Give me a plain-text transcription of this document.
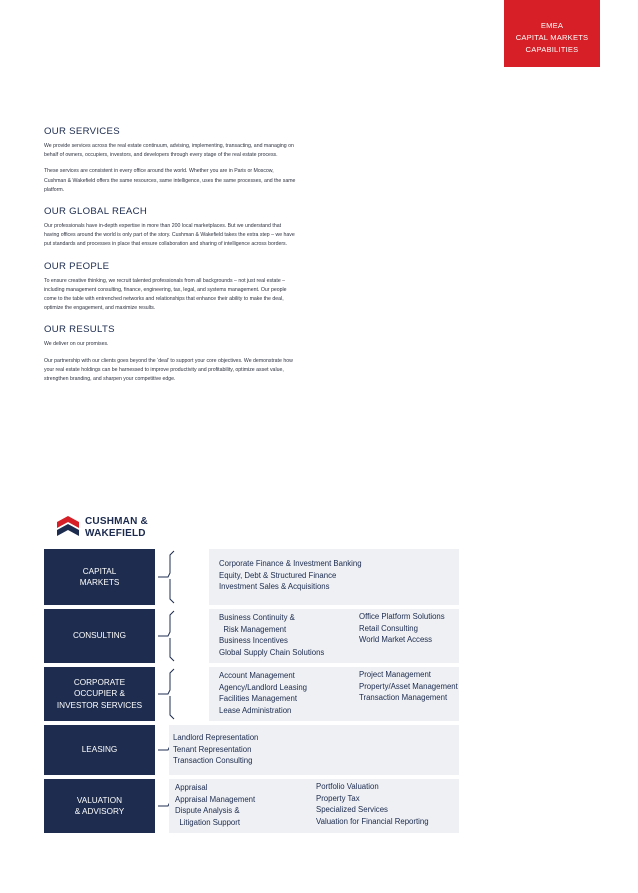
EMEA
CAPITAL MARKETS
CAPABILITIES
OUR SERVICES

We provide services across the real estate continuum, advising, implementing, transacting, and managing on behalf of owners, occupiers, investors, and developers through every stage of the real estate process.

These services are consistent in every office around the world. Whether you are in Paris or Moscow, Cushman & Wakefield offers the same resources, same intelligence, uses the same processes, and the same platform.

OUR GLOBAL REACH

Our professionals have in-depth expertise in more than 200 local marketplaces. But we understand that having offices around the world is only part of the story. Cushman & Wakefield takes the extra step – we have put standards and processes in place that ensure collaboration and sharing of intelligence across borders.

OUR PEOPLE

To ensure creative thinking, we recruit talented professionals from all backgrounds – not just real estate – including management consulting, finance, engineering, tax, legal, and systems management. Our people come to the table with entrenched networks and relationships that enhance their ability to make the deal, optimize the engagement, and maximize results.

OUR RESULTS

We deliver on our promises.

Our partnership with our clients goes beyond the ‘deal’ to support your core objectives. We demonstrate how your real estate holdings can be harnessed to improve productivity and profitability, optimize asset value, strengthen branding, and sharpen your competitive edge.

CUSHMAN &
WAKEFIELD
CAPITAL
MARKETS
Corporate Finance & Investment Banking
Equity, Debt & Structured Finance
Investment Sales & Acquisitions
CONSULTING
Business Continuity &
Risk Management
Business Incentives
Global Supply Chain Solutions
Office Platform Solutions
Retail Consulting
World Market Access
CORPORATE
OCCUPIER &
INVESTOR SERVICES
Account Management
Agency/Landlord Leasing
Facilities Management
Lease Administration
Project Management
Property/Asset Management
Transaction Management
LEASING
Landlord Representation
Tenant Representation
Transaction Consulting
VALUATION
& ADVISORY
Appraisal
Appraisal Management
Dispute Analysis &
Litigation Support
Portfolio Valuation
Property Tax
Specialized Services
Valuation for Financial Reporting
